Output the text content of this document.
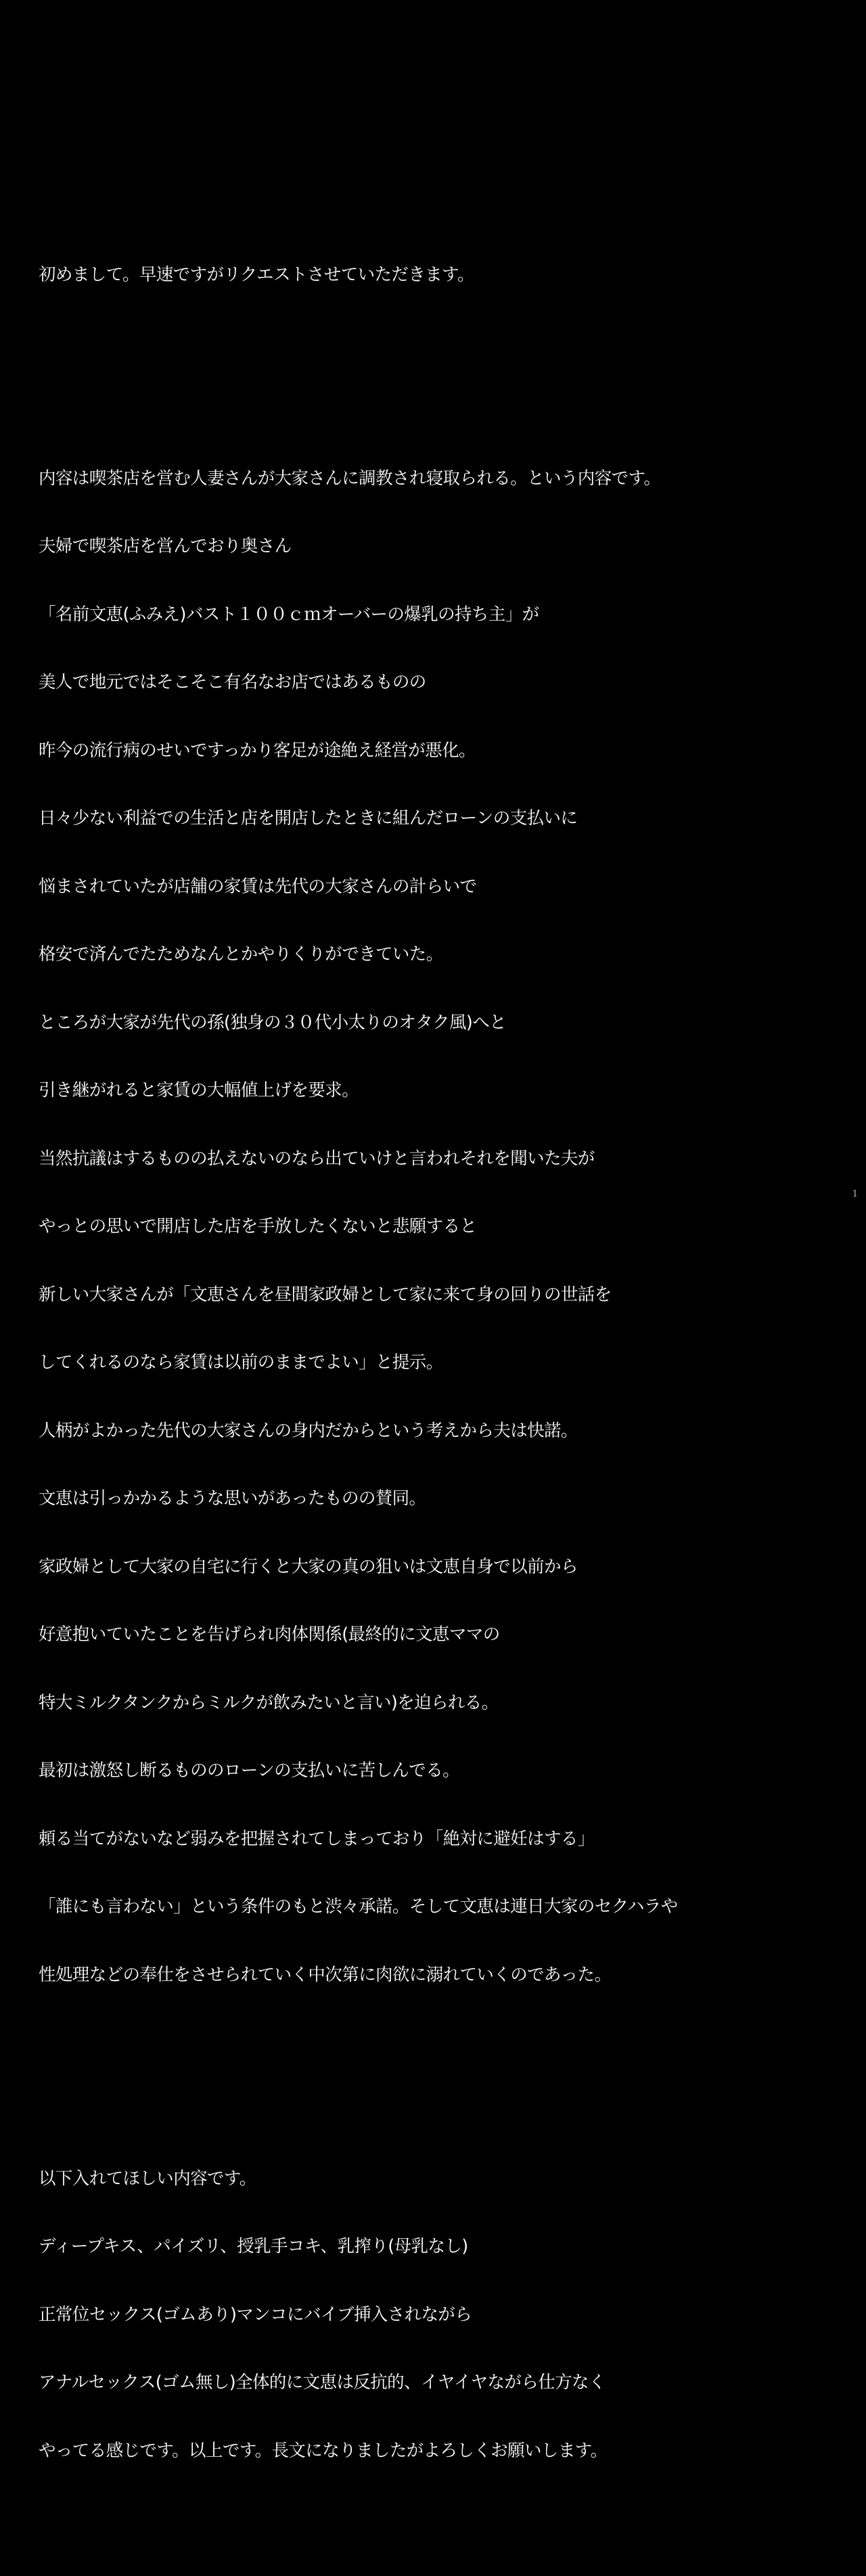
初めまして。早速ですがリクエストさせていただきます。

内容は喫茶店を営む人妻さんが大家さんに調教され寝取られる。という内容です。

夫婦で喫茶店を営んでおり奥さん

「名前文恵(ふみえ)バスト１００ｃｍオーバーの爆乳の持ち主」が

美人で地元ではそこそこ有名なお店ではあるものの

昨今の流行病のせいですっかり客足が途絶え経営が悪化。

日々少ない利益での生活と店を開店したときに組んだローンの支払いに

悩まされていたが店舗の家賃は先代の大家さんの計らいで

格安で済んでたためなんとかやりくりができていた。

ところが大家が先代の孫(独身の３０代小太りのオタク風)へと

引き継がれると家賃の大幅値上げを要求。

当然抗議はするものの払えないのなら出ていけと言われそれを聞いた夫が

やっとの思いで開店した店を手放したくないと悲願すると

新しい大家さんが「文恵さんを昼間家政婦として家に来て身の回りの世話を

してくれるのなら家賃は以前のままでよい」と提示。

人柄がよかった先代の大家さんの身内だからという考えから夫は快諾。

文恵は引っかかるような思いがあったものの賛同。

家政婦として大家の自宅に行くと大家の真の狙いは文恵自身で以前から

好意抱いていたことを告げられ肉体関係(最終的に文恵ママの

特大ミルクタンクからミルクが飲みたいと言い)を迫られる。

最初は激怒し断るもののローンの支払いに苦しんでる。

頼る当てがないなど弱みを把握されてしまっており「絶対に避妊はする」

「誰にも言わない」という条件のもと渋々承諾。そして文恵は連日大家のセクハラや

性処理などの奉仕をさせられていく中次第に肉欲に溺れていくのであった。

以下入れてほしい内容です。

ディープキス、パイズリ、授乳手コキ、乳搾り(母乳なし)

正常位セックス(ゴムあり)マンコにバイブ挿入されながら

アナルセックス(ゴム無し)全体的に文恵は反抗的、イヤイヤながら仕方なく

やってる感じです。以上です。長文になりましたがよろしくお願いします。

1
